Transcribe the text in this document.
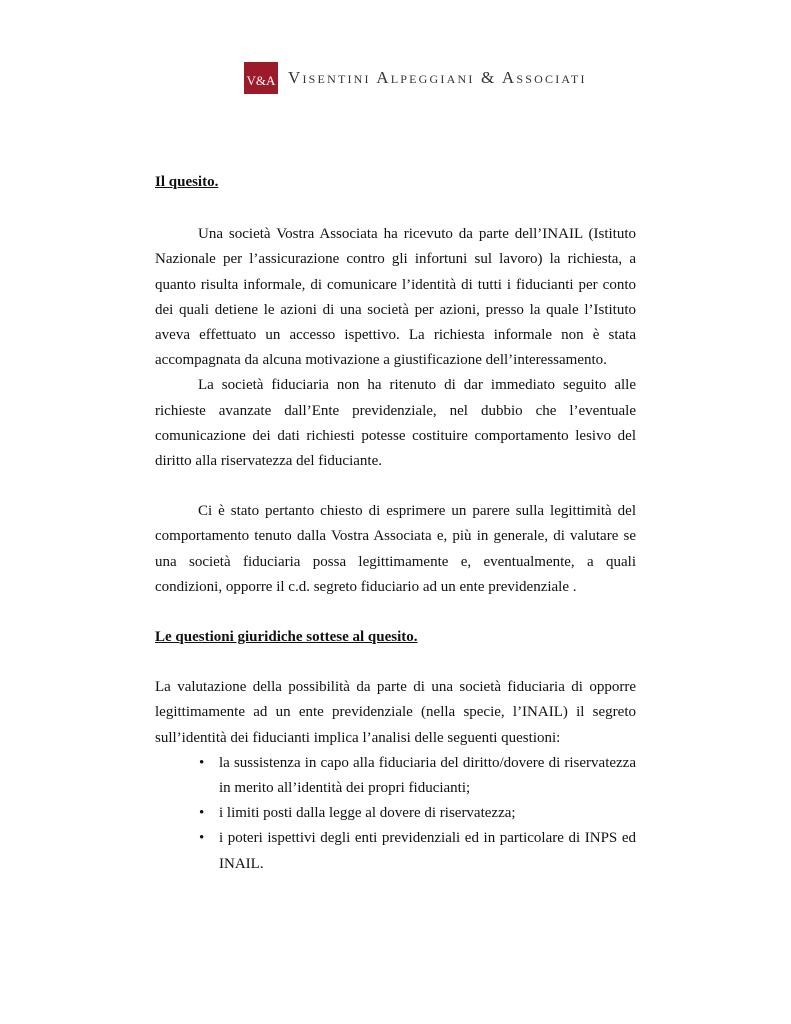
V&A Visentini Alpeggiani & Associati

Il quesito.

Una società Vostra Associata ha ricevuto da parte dell’INAIL (Istituto Nazionale per l’assicurazione contro gli infortuni sul lavoro) la richiesta, a quanto risulta informale, di comunicare l’identità di tutti i fiducianti per conto dei quali detiene le azioni di una società per azioni, presso la quale l’Istituto aveva effettuato un accesso ispettivo. La richiesta informale non è stata accompagnata da alcuna motivazione a giustificazione dell’interessamento.

La società fiduciaria non ha ritenuto di dar immediato seguito alle richieste avanzate dall’Ente previdenziale, nel dubbio che l’eventuale comunicazione dei dati richiesti potesse costituire comportamento lesivo del diritto alla riservatezza del fiduciante.

Ci è stato pertanto chiesto di esprimere un parere sulla legittimità del comportamento tenuto dalla Vostra Associata e, più in generale, di valutare se una società fiduciaria possa legittimamente e, eventualmente, a quali condizioni, opporre il c.d. segreto fiduciario ad un ente previdenziale .

Le questioni giuridiche sottese al quesito.

La valutazione della possibilità da parte di una società fiduciaria di opporre legittimamente ad un ente previdenziale (nella specie, l’INAIL) il segreto sull’identità dei fiducianti implica l’analisi delle seguenti questioni:

• la sussistenza in capo alla fiduciaria del diritto/dovere di riservatezza in merito all’identità dei propri fiducianti;
• i limiti posti dalla legge al dovere di riservatezza;
• i poteri ispettivi degli enti previdenziali ed in particolare di INPS ed INAIL.
